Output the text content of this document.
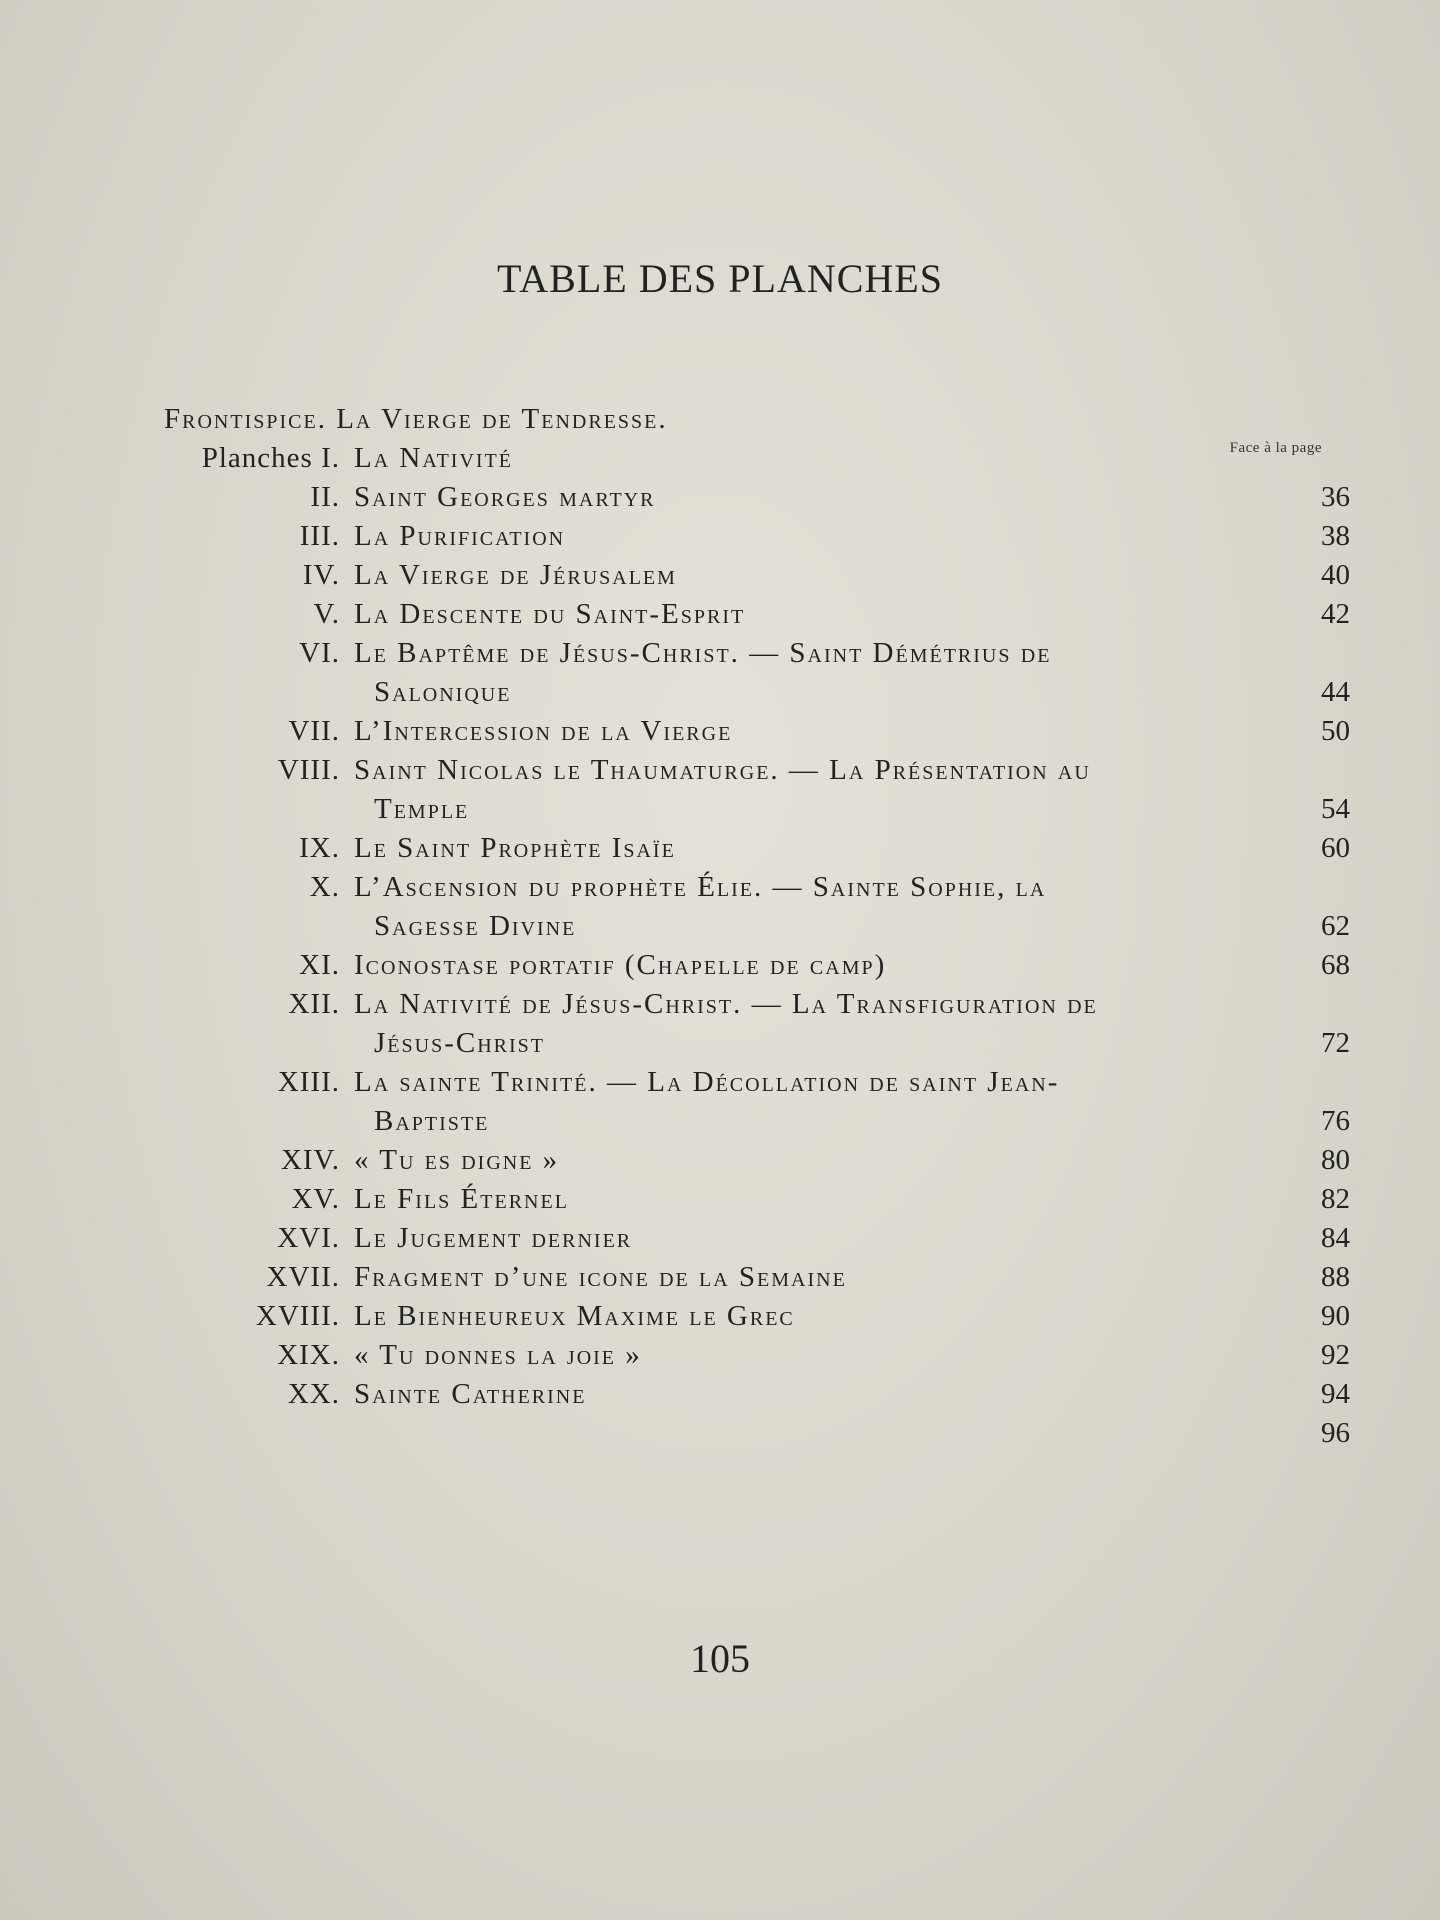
TABLE DES PLANCHES
Face à la page
Frontispice. La Vierge de Tendresse.
Planches I. La Nativité
II. Saint Georges martyr	36
III. La Purification	38
IV. La Vierge de Jérusalem	40
V. La Descente du Saint-Esprit	42
VI. Le Baptême de Jésus-Christ. — Saint Démétrius de
Salonique	44
VII. L’Intercession de la Vierge	50
VIII. Saint Nicolas le Thaumaturge. — La Présentation au
Temple	54
IX. Le Saint Prophète Isaïe	60
X. L’Ascension du prophète Élie. — Sainte Sophie, la
Sagesse Divine	62
XI. Iconostase portatif (Chapelle de camp)	68
XII. La Nativité de Jésus-Christ. — La Transfiguration de
Jésus-Christ	72
XIII. La sainte Trinité. — La Décollation de saint Jean-
Baptiste	76
XIV. « Tu es digne »	80
XV. Le Fils Éternel	82
XVI. Le Jugement dernier	84
XVII. Fragment d’une icone de la Semaine	88
XVIII. Le Bienheureux Maxime le Grec	90
XIX. « Tu donnes la joie »	92
XX. Sainte Catherine	94
96
105
